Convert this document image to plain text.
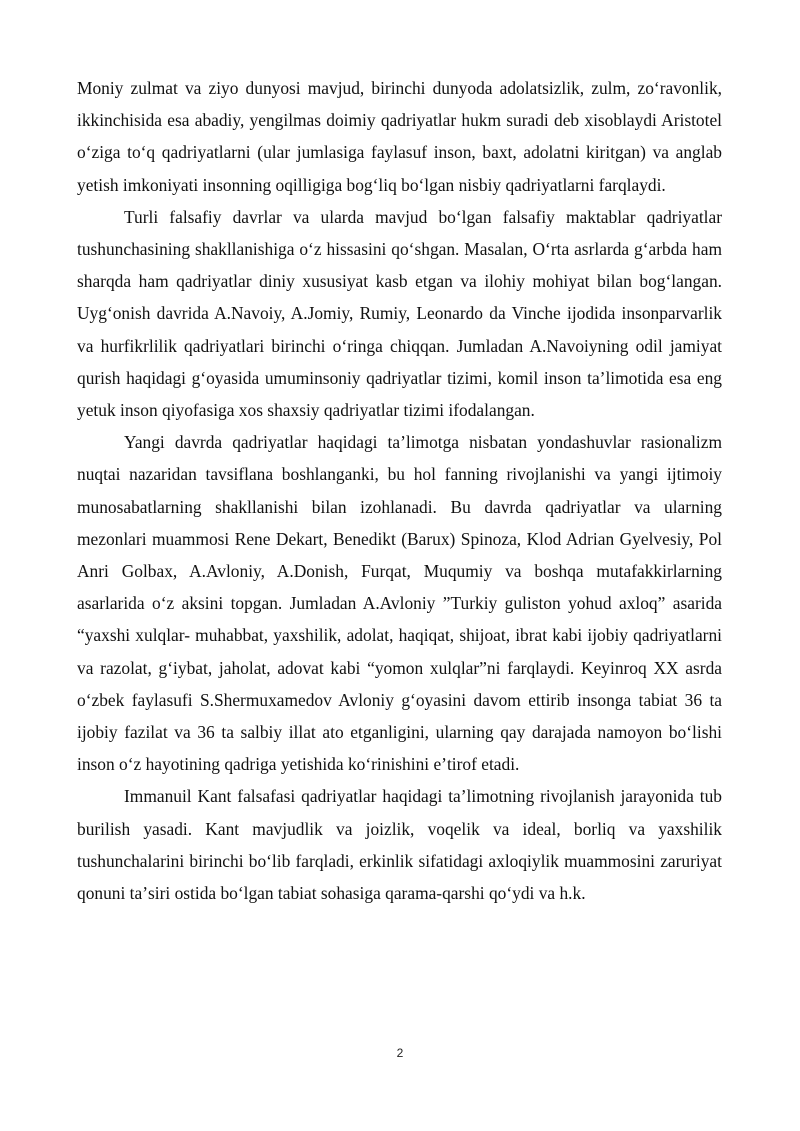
Moniy zulmat va ziyo dunyosi mavjud, birinchi dunyoda adolatsizlik, zulm, zoʻravonlik, ikkinchisida esa abadiy, yengilmas doimiy qadriyatlar hukm suradi deb xisoblaydi Aristotel oʻziga toʻq qadriyatlarni (ular jumlasiga faylasuf inson, baxt, adolatni kiritgan) va anglab yetish imkoniyati insonning oqilligiga bogʻliq boʻlgan nisbiy qadriyatlarni farqlaydi.

Turli falsafiy davrlar va ularda mavjud boʻlgan falsafiy maktablar qadriyatlar tushunchasining shakllanishiga oʻz hissasini qoʻshgan. Masalan, Oʻrta asrlarda gʻarbda ham sharqda ham qadriyatlar diniy xususiyat kasb etgan va ilohiy mohiyat bilan bogʻlangan. Uygʻonish davrida A.Navoiy, A.Jomiy, Rumiy, Leonardo da Vinche ijodida insonparvarlik va hurfikrlilik qadriyatlari birinchi oʻringa chiqqan. Jumladan A.Navoiyning odil jamiyat qurish haqidagi gʻoyasida umuminsoniy qadriyatlar tizimi, komil inson taʼlimotida esa eng yetuk inson qiyofasiga xos shaxsiy qadriyatlar tizimi ifodalangan.

Yangi davrda qadriyatlar haqidagi taʼlimotga nisbatan yondashuvlar rasionalizm nuqtai nazaridan tavsiflana boshlanganki, bu hol fanning rivojlanishi va yangi ijtimoiy munosabatlarning shakllanishi bilan izohlanadi. Bu davrda qadriyatlar va ularning mezonlari muammosi Rene Dekart, Benedikt (Barux) Spinoza, Klod Adrian Gyelvesiy, Pol Anri Golbax, A.Avloniy, A.Donish, Furqat, Muqumiy va boshqa mutafakkirlarning asarlarida oʻz aksini topgan. Jumladan A.Avloniy ”Turkiy guliston yohud axloq” asarida “yaxshi xulqlar- muhabbat, yaxshilik, adolat, haqiqat, shijoat, ibrat kabi ijobiy qadriyatlarni va razolat, gʻiybat, jaholat, adovat kabi “yomon xulqlar”ni farqlaydi. Keyinroq XX asrda oʻzbek faylasufi S.Shermuxamedov Avloniy gʻoyasini davom ettirib insonga tabiat 36 ta ijobiy fazilat va 36 ta salbiy illat ato etganligini, ularning qay darajada namoyon boʻlishi inson oʻz hayotining qadriga yetishida koʻrinishini eʼtirof etadi.

Immanuil Kant falsafasi qadriyatlar haqidagi taʼlimotning rivojlanish jarayonida tub burilish yasadi. Kant mavjudlik va joizlik, voqelik va ideal, borliq va yaxshilik tushunchalarini birinchi boʻlib farqladi, erkinlik sifatidagi axloqiylik muammosini zaruriyat qonuni taʼsiri ostida boʻlgan tabiat sohasiga qarama-qarshi qoʻydi va h.k.

2
